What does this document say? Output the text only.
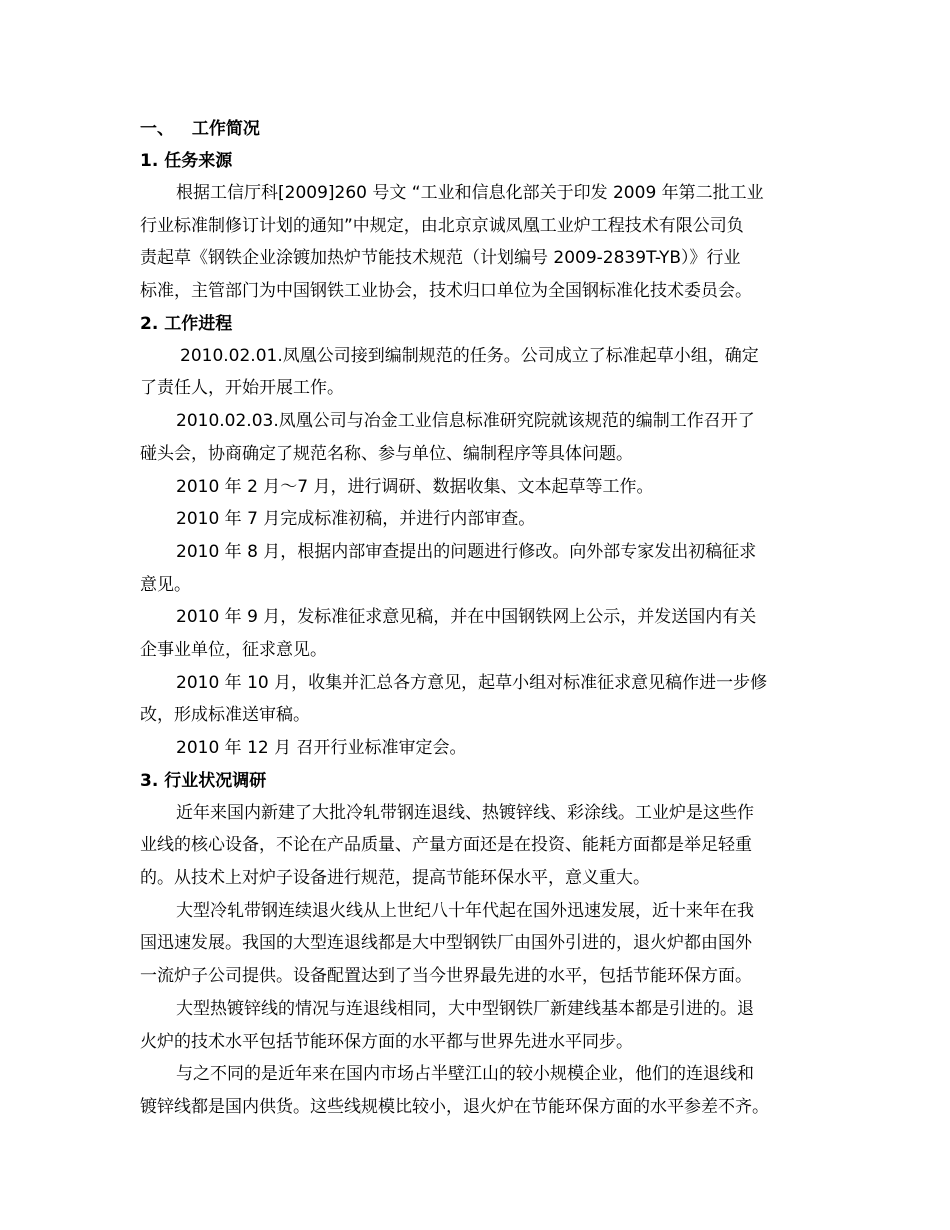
一、 工作简况
1. 任务来源
根据工信厅科[2009]260 号文 “工业和信息化部关于印发 2009 年第二批工业
行业标准制修订计划的通知”中规定，由北京京诚凤凰工业炉工程技术有限公司负
责起草《钢铁企业涂镀加热炉节能技术规范（计划编号 2009-2839T-YB）》行业
标准，主管部门为中国钢铁工业协会，技术归口单位为全国钢标准化技术委员会。
2. 工作进程
2010.02.01.凤凰公司接到编制规范的任务。公司成立了标准起草小组，确定
了责任人，开始开展工作。
2010.02.03.凤凰公司与冶金工业信息标准研究院就该规范的编制工作召开了
碰头会，协商确定了规范名称、参与单位、编制程序等具体问题。
2010 年 2 月～7 月，进行调研、数据收集、文本起草等工作。
2010 年 7 月完成标准初稿，并进行内部审查。
2010 年 8 月，根据内部审查提出的问题进行修改。向外部专家发出初稿征求
意见。
2010 年 9 月，发标准征求意见稿，并在中国钢铁网上公示，并发送国内有关
企事业单位，征求意见。
2010 年 10 月，收集并汇总各方意见，起草小组对标准征求意见稿作进一步修
改，形成标准送审稿。
2010 年 12 月 召开行业标准审定会。
3. 行业状况调研
近年来国内新建了大批冷轧带钢连退线、热镀锌线、彩涂线。工业炉是这些作
业线的核心设备，不论在产品质量、产量方面还是在投资、能耗方面都是举足轻重
的。从技术上对炉子设备进行规范，提高节能环保水平，意义重大。
大型冷轧带钢连续退火线从上世纪八十年代起在国外迅速发展，近十来年在我
国迅速发展。我国的大型连退线都是大中型钢铁厂由国外引进的，退火炉都由国外
一流炉子公司提供。设备配置达到了当今世界最先进的水平，包括节能环保方面。
大型热镀锌线的情况与连退线相同，大中型钢铁厂新建线基本都是引进的。退
火炉的技术水平包括节能环保方面的水平都与世界先进水平同步。
与之不同的是近年来在国内市场占半壁江山的较小规模企业，他们的连退线和
镀锌线都是国内供货。这些线规模比较小，退火炉在节能环保方面的水平参差不齐。
